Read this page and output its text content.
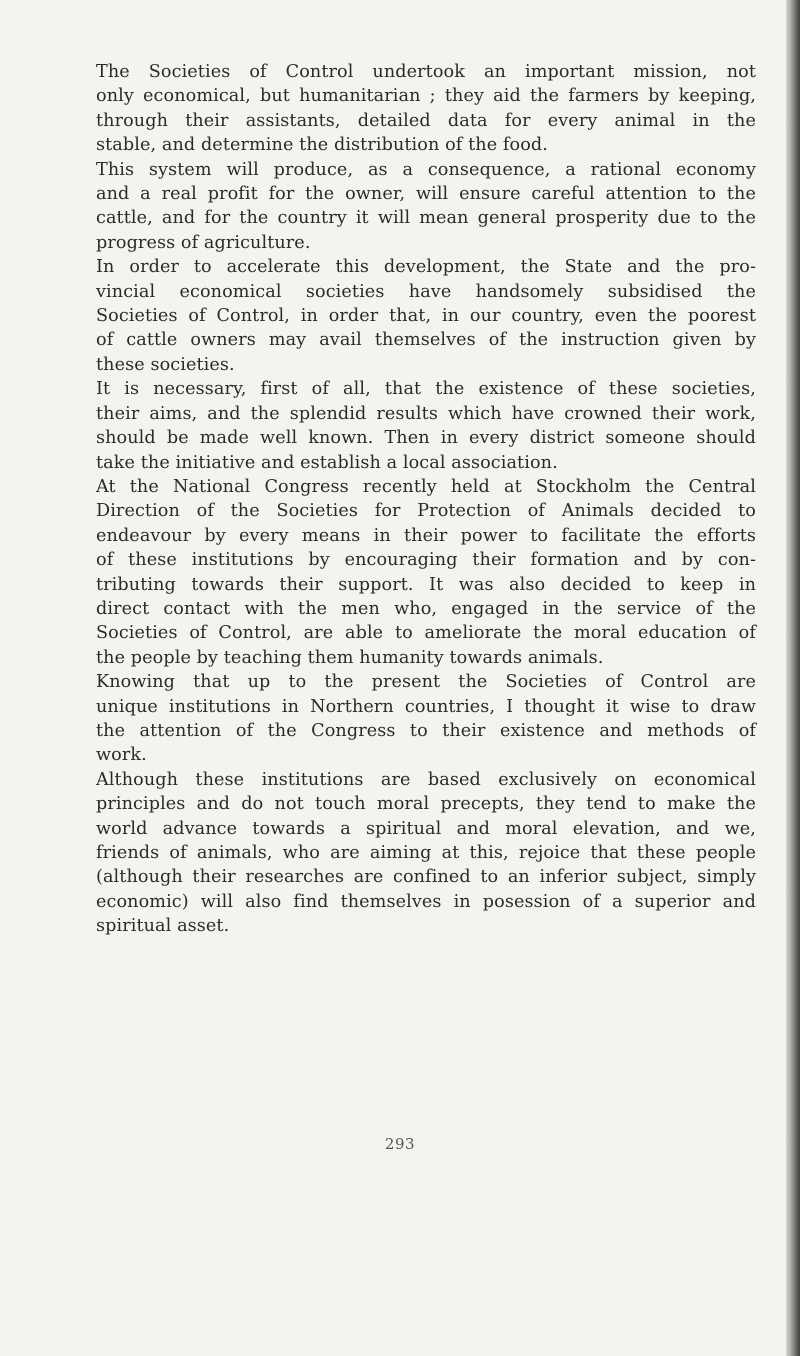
The Societies of Control undertook an important mission, not
only economical, but humanitarian ; they aid the farmers by keeping,
through their assistants, detailed data for every animal in the
stable, and determine the distribution of the food.

This system will produce, as a consequence, a rational economy
and a real profit for the owner, will ensure careful attention to the
cattle, and for the country it will mean general prosperity due to the
progress of agriculture.

In order to accelerate this development, the State and the pro-
vincial economical societies have handsomely subsidised the
Societies of Control, in order that, in our country, even the poorest
of cattle owners may avail themselves of the instruction given by
these societies.

It is necessary, first of all, that the existence of these societies,
their aims, and the splendid results which have crowned their work,
should be made well known. Then in every district someone should
take the initiative and establish a local association.

At the National Congress recently held at Stockholm the Central
Direction of the Societies for Protection of Animals decided to
endeavour by every means in their power to facilitate the efforts
of these institutions by encouraging their formation and by con-
tributing towards their support. It was also decided to keep in
direct contact with the men who, engaged in the service of the
Societies of Control, are able to ameliorate the moral education of
the people by teaching them humanity towards animals.

Knowing that up to the present the Societies of Control are
unique institutions in Northern countries, I thought it wise to draw
the attention of the Congress to their existence and methods of
work.

Although these institutions are based exclusively on economical
principles and do not touch moral precepts, they tend to make the
world advance towards a spiritual and moral elevation, and we,
friends of animals, who are aiming at this, rejoice that these people
(although their researches are confined to an inferior subject, simply
economic) will also find themselves in posession of a superior and
spiritual asset.

293
